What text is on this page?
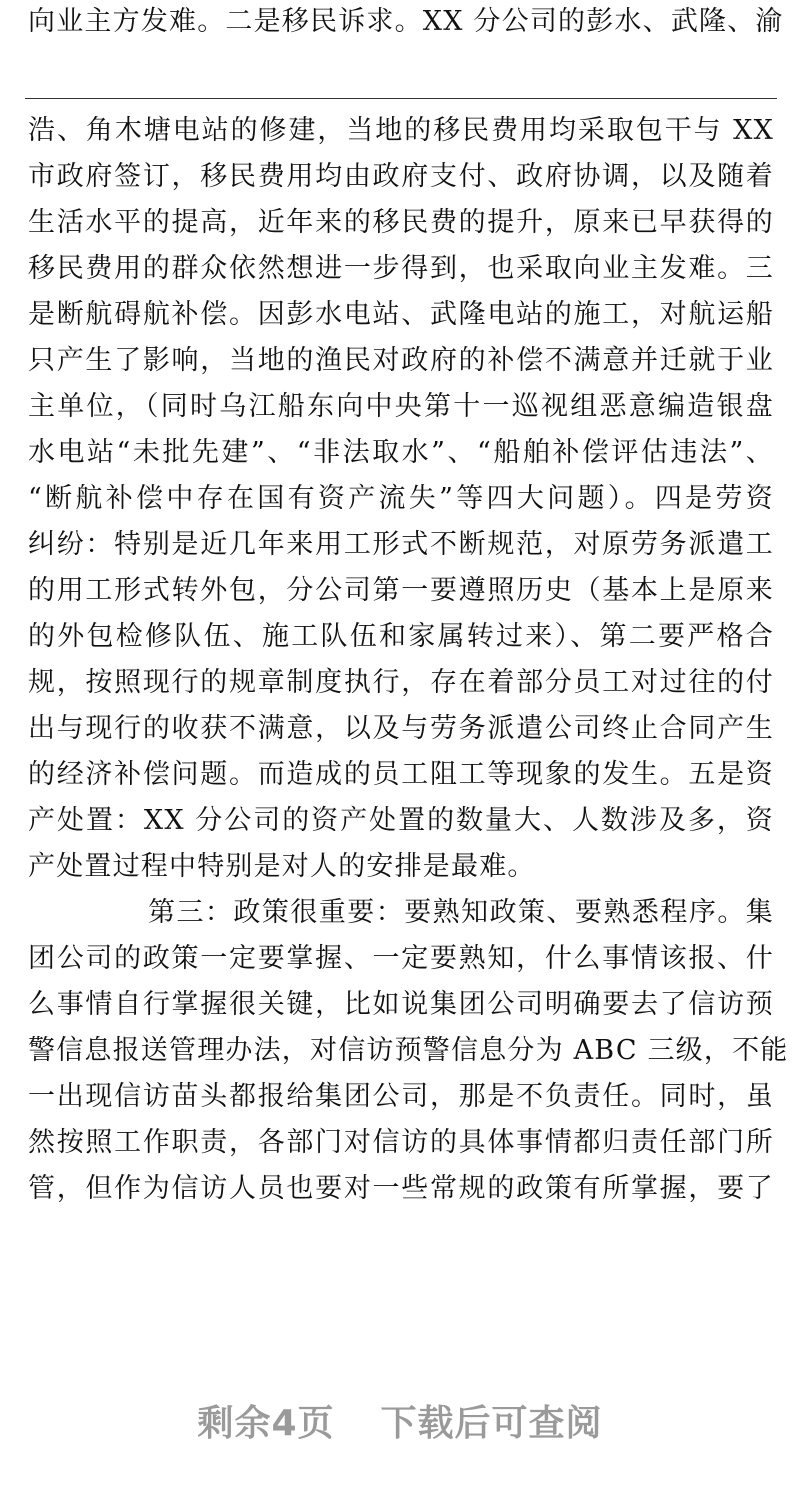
向业主方发难。二是移民诉求。XX 分公司的彭水、武隆、渝
浩、角木塘电站的修建，当地的移民费用均采取包干与 XX
市政府签订，移民费用均由政府支付、政府协调，以及随着
生活水平的提高，近年来的移民费的提升，原来已早获得的
移民费用的群众依然想进一步得到，也采取向业主发难。三
是断航碍航补偿。因彭水电站、武隆电站的施工，对航运船
只产生了影响，当地的渔民对政府的补偿不满意并迁就于业
主单位，（同时乌江船东向中央第十一巡视组恶意编造银盘
水电站“未批先建”、“非法取水”、“船舶补偿评估违法”、
“断航补偿中存在国有资产流失”等四大问题）。四是劳资
纠纷：特别是近几年来用工形式不断规范，对原劳务派遣工
的用工形式转外包，分公司第一要遵照历史（基本上是原来
的外包检修队伍、施工队伍和家属转过来）、第二要严格合
规，按照现行的规章制度执行，存在着部分员工对过往的付
出与现行的收获不满意，以及与劳务派遣公司终止合同产生
的经济补偿问题。而造成的员工阻工等现象的发生。五是资
产处置：XX 分公司的资产处置的数量大、人数涉及多，资
产处置过程中特别是对人的安排是最难。
第三：政策很重要：要熟知政策、要熟悉程序。集
团公司的政策一定要掌握、一定要熟知，什么事情该报、什
么事情自行掌握很关键，比如说集团公司明确要去了信访预
警信息报送管理办法，对信访预警信息分为 ABC 三级，不能
一出现信访苗头都报给集团公司，那是不负责任。同时，虽
然按照工作职责，各部门对信访的具体事情都归责任部门所
管，但作为信访人员也要对一些常规的政策有所掌握，要了
剩余4页 下载后可查阅
